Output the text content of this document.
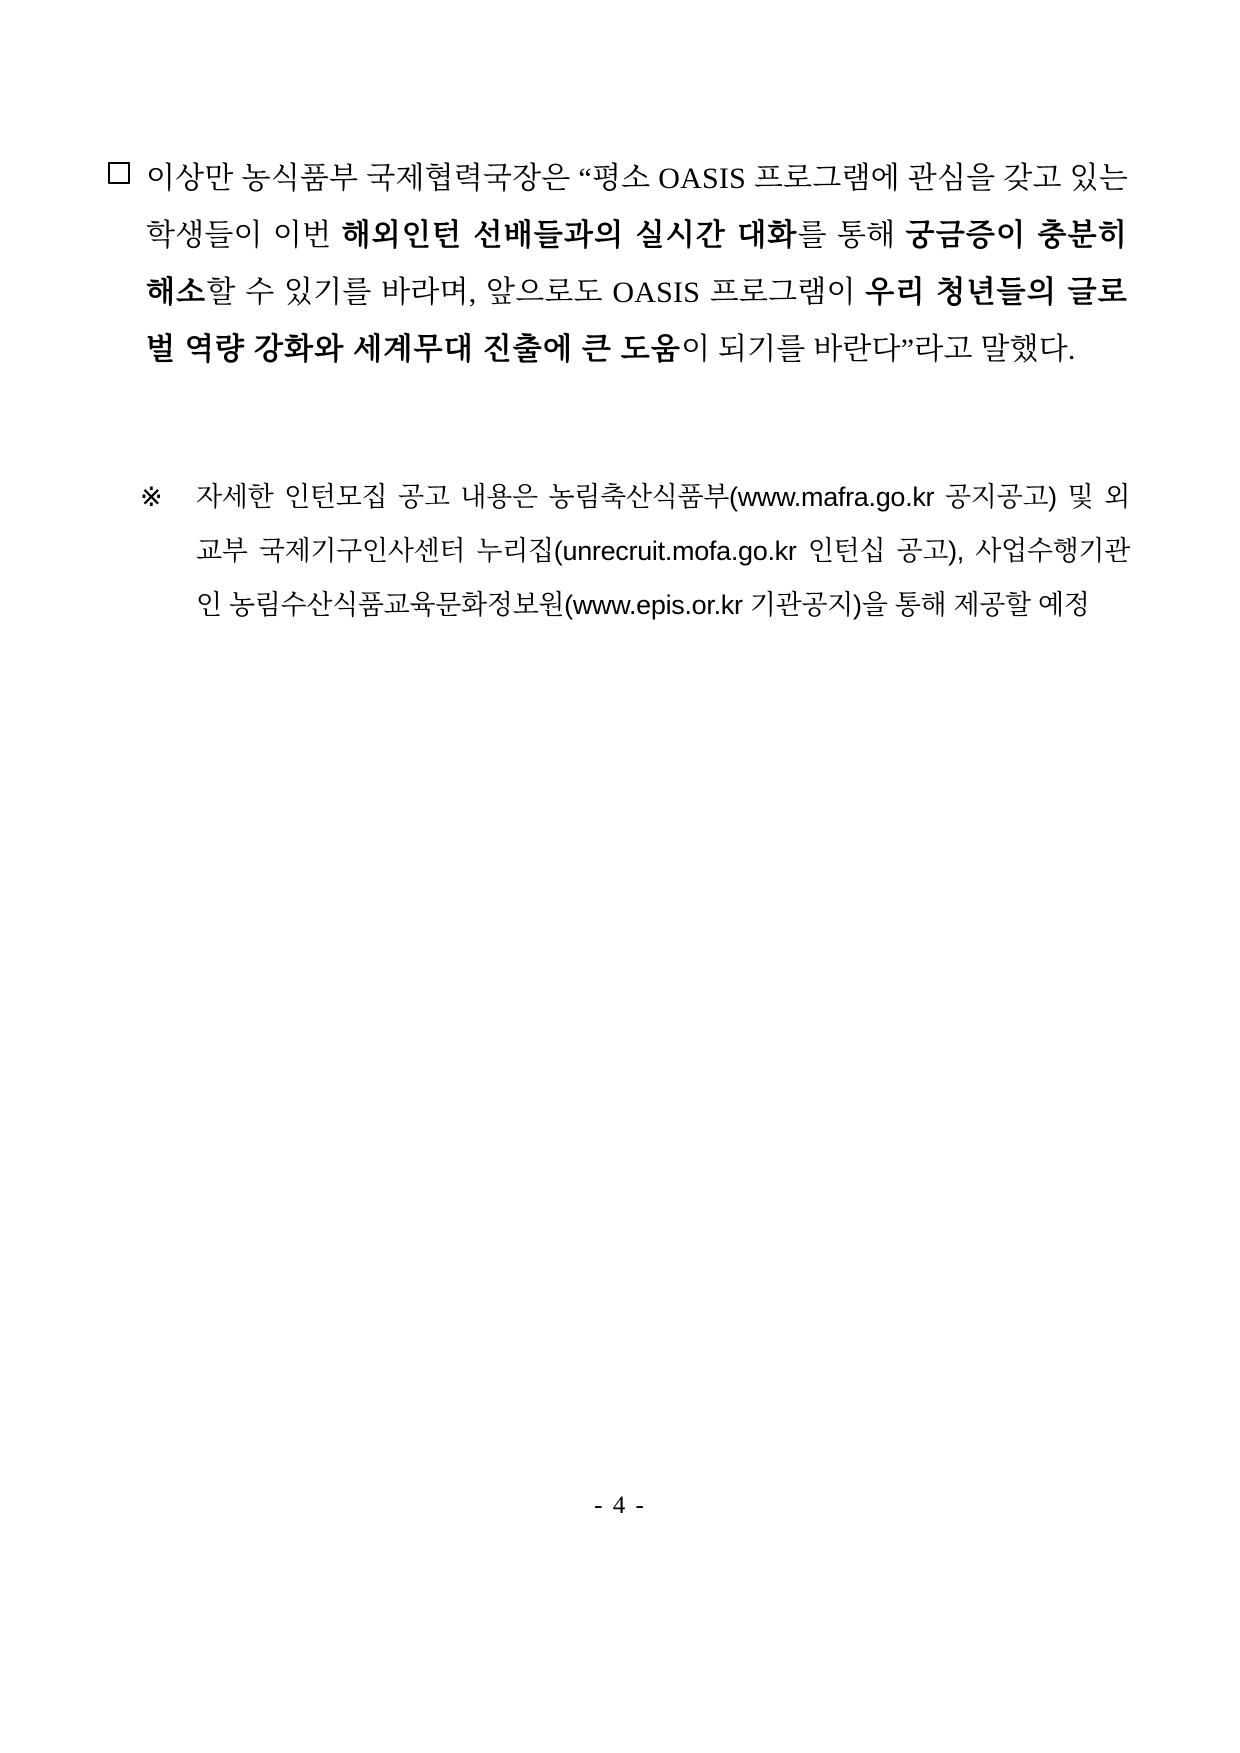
이상만 농식품부 국제협력국장은 “평소 OASIS 프로그램에 관심을 갖고 있는 학생들이 이번 해외인턴 선배들과의 실시간 대화를 통해 궁금증이 충분히 해소할 수 있기를 바라며, 앞으로도 OASIS 프로그램이 우리 청년들의 글로벌 역량 강화와 세계무대 진출에 큰 도움이 되기를 바란다”라고 말했다.
※ 자세한 인턴모집 공고 내용은 농림축산식품부(www.mafra.go.kr 공지공고) 및 외교부 국제기구인사센터 누리집(unrecruit.mofa.go.kr 인턴십 공고), 사업수행기관인 농림수산식품교육문화정보원(www.epis.or.kr 기관공지)을 통해 제공할 예정
- 4 -
